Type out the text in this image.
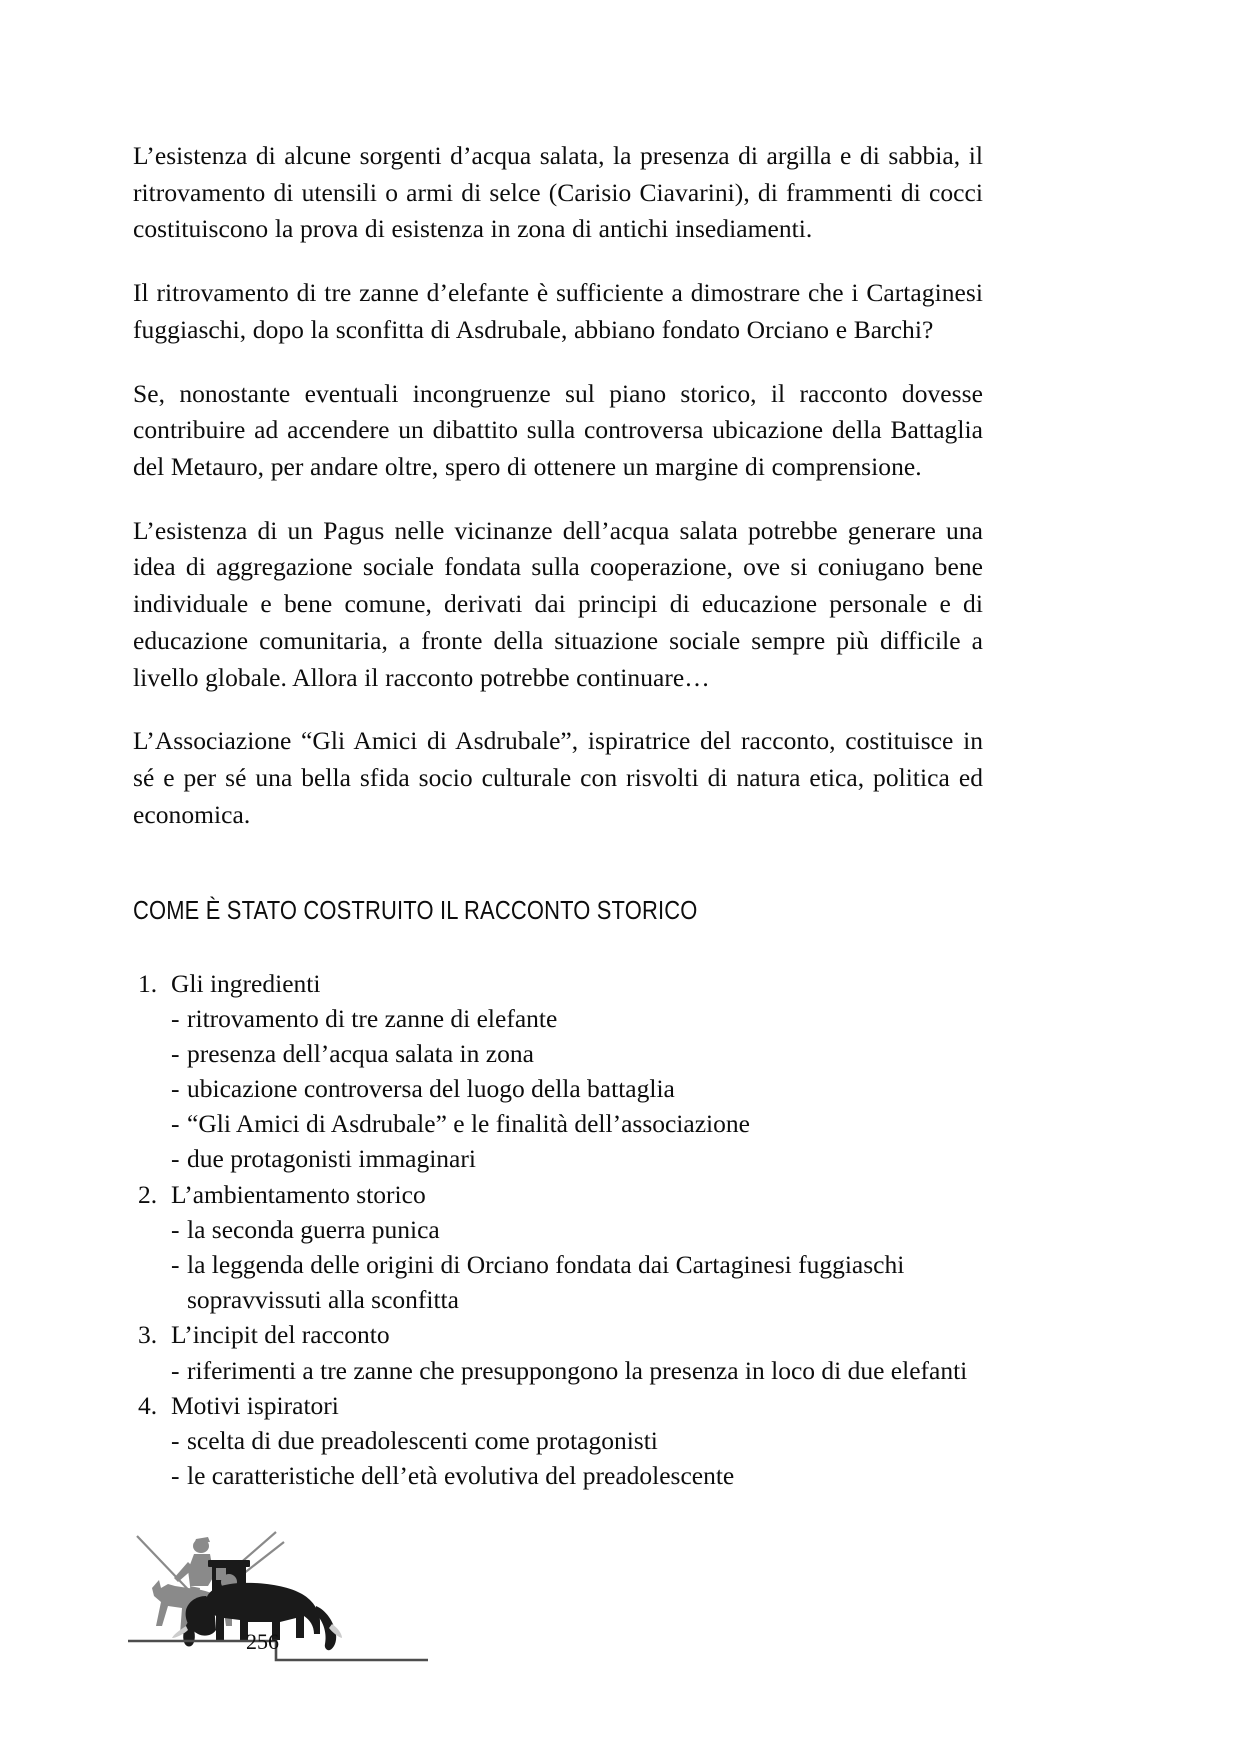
L’esistenza di alcune sorgenti d’acqua salata, la presenza di argilla e di sabbia, il ritrovamento di utensili o armi di selce (Carisio Ciavarini), di frammenti di cocci costituiscono la prova di esistenza in zona di antichi insediamenti.

Il ritrovamento di tre zanne d’elefante è sufficiente a dimostrare che i Cartaginesi fuggiaschi, dopo la sconfitta di Asdrubale, abbiano fondato Orciano e Barchi?

Se, nonostante eventuali incongruenze sul piano storico, il racconto dovesse contribuire ad accendere un dibattito sulla controversa ubicazione della Battaglia del Metauro, per andare oltre, spero di ottenere un margine di comprensione.

L’esistenza di un Pagus nelle vicinanze dell’acqua salata potrebbe generare una idea di aggregazione sociale fondata sulla cooperazione, ove si coniugano bene individuale e bene comune, derivati dai principi di educazione personale e di educazione comunitaria, a fronte della situazione sociale sempre più difficile a livello globale. Allora il racconto potrebbe continuare…

L’Associazione “Gli Amici di Asdrubale”, ispiratrice del racconto, costituisce in sé e per sé una bella sfida socio culturale con risvolti di natura etica, politica ed economica.

COME È STATO COSTRUITO IL RACCONTO STORICO
1. Gli ingredienti
- ritrovamento di tre zanne di elefante
- presenza dell’acqua salata in zona
- ubicazione controversa del luogo della battaglia
- “Gli Amici di Asdrubale” e le finalità dell’associazione
- due protagonisti immaginari
2. L’ambientamento storico
- la seconda guerra punica
- la leggenda delle origini di Orciano fondata dai Cartaginesi fuggiaschi sopravvissuti alla sconfitta
3. L’incipit del racconto
- riferimenti a tre zanne che presuppongono la presenza in loco di due elefanti
4. Motivi ispiratori
- scelta di due preadolescenti come protagonisti
- le caratteristiche dell’età evolutiva del preadolescente
256
